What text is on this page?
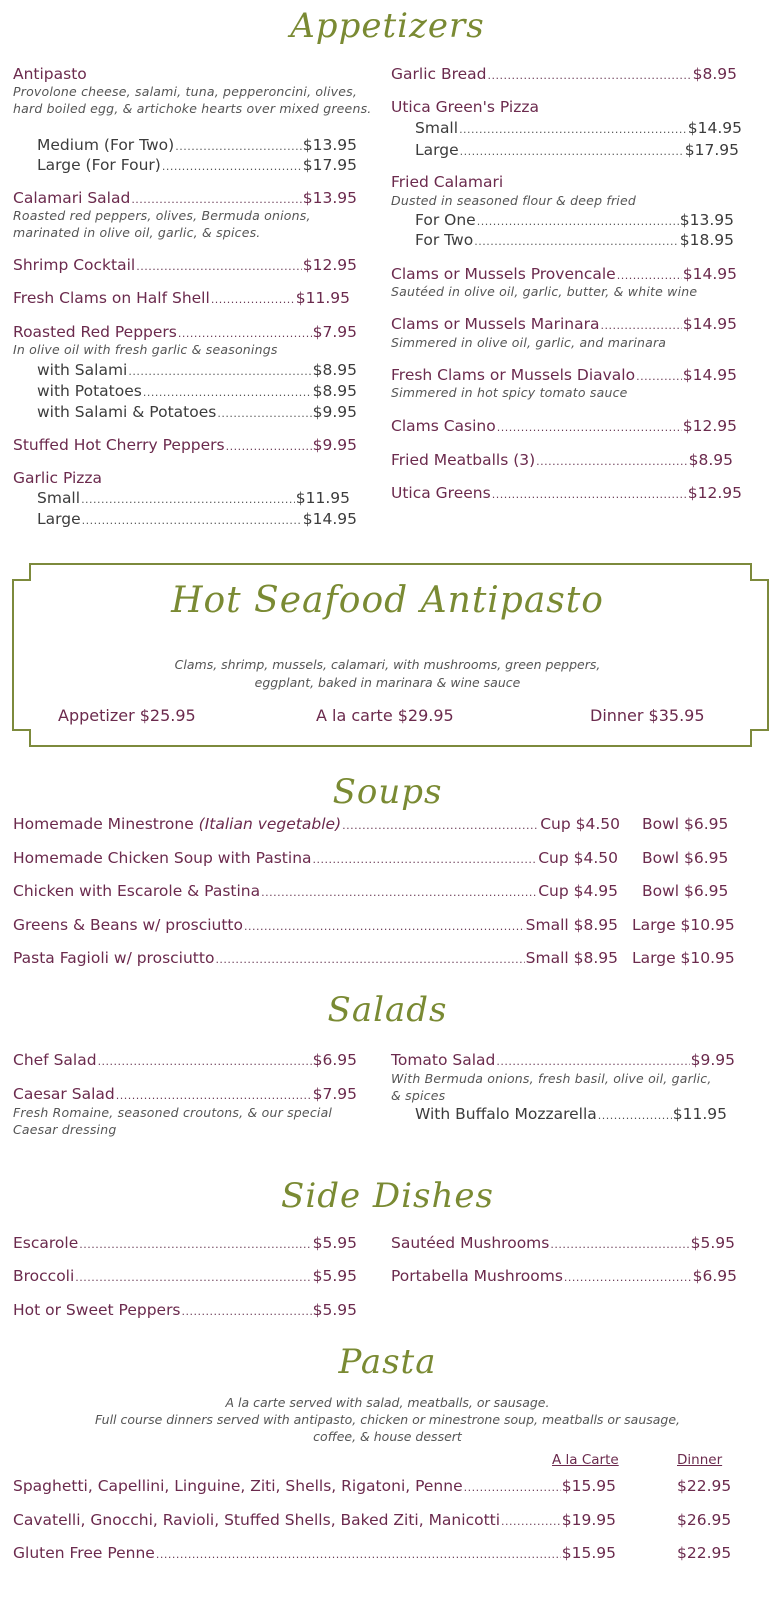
Appetizers
Antipasto
Provolone cheese, salami, tuna, pepperoncini, olives, hard boiled egg, & artichoke hearts over mixed greens.
Medium (For Two) .....	$13.95
Large (For Four) .....	$17.95
Calamari Salad .....	$13.95
Roasted red peppers, olives, Bermuda onions, marinated in olive oil, garlic, & spices.
Shrimp Cocktail .....	$12.95
Fresh Clams on Half Shell .....	$11.95
Roasted Red Peppers .....	$7.95
In olive oil with fresh garlic & seasonings
with Salami .....	$8.95
with Potatoes .....	$8.95
with Salami & Potatoes .....	$9.95
Stuffed Hot Cherry Peppers .....	$9.95
Garlic Pizza
Small .....	$11.95
Large .....	$14.95
Garlic Bread .....	$8.95
Utica Green's Pizza
Small .....	$14.95
Large .....	$17.95
Fried Calamari
Dusted in seasoned flour & deep fried
For One .....	$13.95
For Two .....	$18.95
Clams or Mussels Provencale .....	$14.95
Sautéed in olive oil, garlic, butter, & white wine
Clams or Mussels Marinara .....	$14.95
Simmered in olive oil, garlic, and marinara
Fresh Clams or Mussels Diavalo .....	$14.95
Simmered in hot spicy tomato sauce
Clams Casino .....	$12.95
Fried Meatballs (3) .....	$8.95
Utica Greens .....	$12.95
Hot Seafood Antipasto
Clams, shrimp, mussels, calamari, with mushrooms, green peppers,
eggplant, baked in marinara & wine sauce
Appetizer $25.95	A la carte $29.95	Dinner $35.95
Soups
Homemade Minestrone (Italian vegetable) .....	Cup $4.50 Bowl $6.95
Homemade Chicken Soup with Pastina .....	Cup $4.50 Bowl $6.95
Chicken with Escarole & Pastina .....	Cup $4.95 Bowl $6.95
Greens & Beans w/ prosciutto .....	Small $8.95 Large $10.95
Pasta Fagioli w/ prosciutto .....	Small $8.95 Large $10.95
Salads
Chef Salad .....	$6.95
Caesar Salad .....	$7.95
Fresh Romaine, seasoned croutons, & our special Caesar dressing
Tomato Salad .....	$9.95
With Bermuda onions, fresh basil, olive oil, garlic, & spices
With Buffalo Mozzarella .....	$11.95
Side Dishes
Escarole .....	$5.95
Broccoli .....	$5.95
Hot or Sweet Peppers .....	$5.95
Sautéed Mushrooms .....	$5.95
Portabella Mushrooms .....	$6.95
Pasta
A la carte served with salad, meatballs, or sausage.
Full course dinners served with antipasto, chicken or minestrone soup, meatballs or sausage,
coffee, & house dessert
A la Carte	Dinner
Spaghetti, Capellini, Linguine, Ziti, Shells, Rigatoni, Penne .....	$15.95	$22.95
Cavatelli, Gnocchi, Ravioli, Stuffed Shells, Baked Ziti, Manicotti .....	$19.95	$26.95
Gluten Free Penne .....	$15.95	$22.95
